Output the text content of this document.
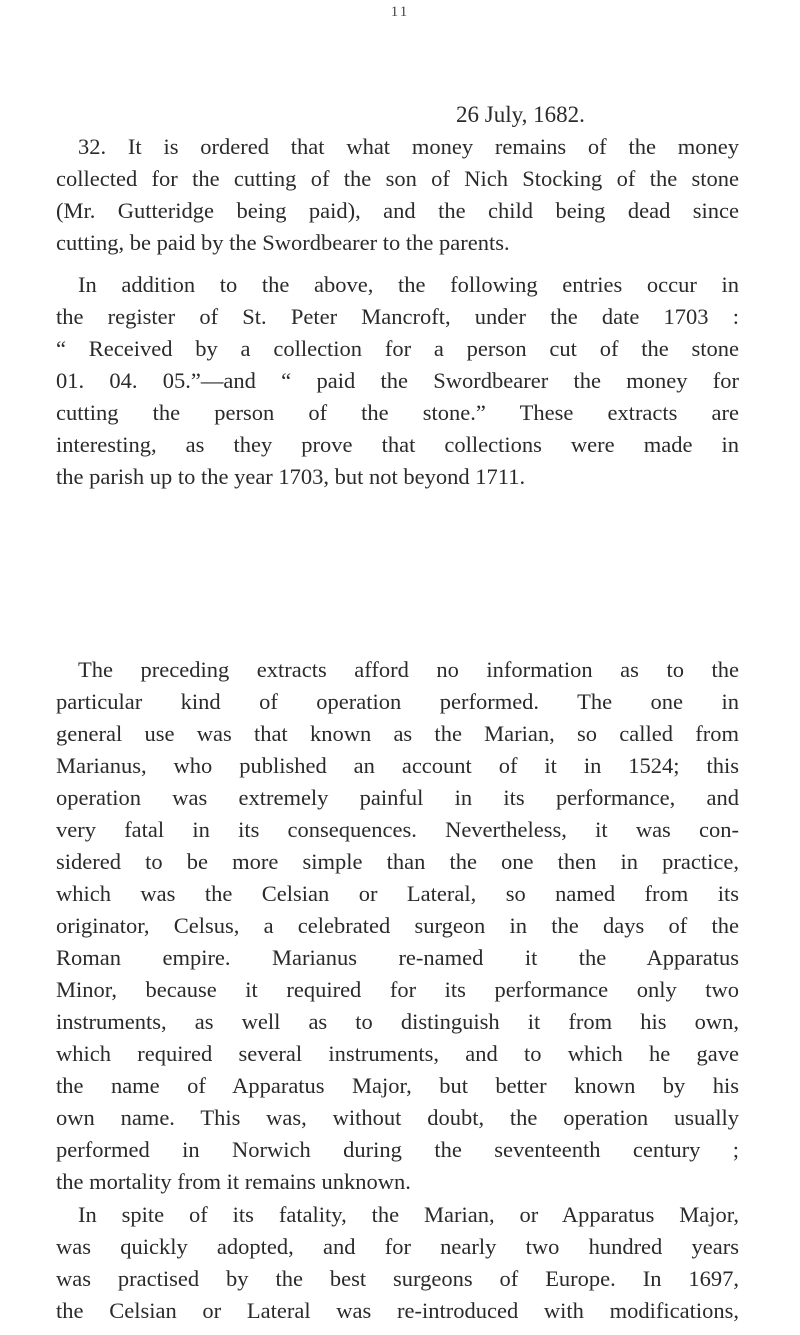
11
26 July, 1682.

32. It is ordered that what money remains of the money
collected for the cutting of the son of Nich Stocking of the stone
(Mr. Gutteridge being paid), and the child being dead since
cutting, be paid by the Swordbearer to the parents.

In addition to the above, the following entries occur in
the register of St. Peter Mancroft, under the date 1703 :
“ Received by a collection for a person cut of the stone
01. 04. 05.”—and “ paid the Swordbearer the money for
cutting the person of the stone.” These extracts are
interesting, as they prove that collections were made in
the parish up to the year 1703, but not beyond 1711.

The preceding extracts afford no information as to the
particular kind of operation performed. The one in
general use was that known as the Marian, so called from
Marianus, who published an account of it in 1524; this
operation was extremely painful in its performance, and
very fatal in its consequences. Nevertheless, it was con-
sidered to be more simple than the one then in practice,
which was the Celsian or Lateral, so named from its
originator, Celsus, a celebrated surgeon in the days of the
Roman empire. Marianus re-named it the Apparatus
Minor, because it required for its performance only two
instruments, as well as to distinguish it from his own,
which required several instruments, and to which he gave
the name of Apparatus Major, but better known by his
own name. This was, without doubt, the operation usually
performed in Norwich during the seventeenth century ;
the mortality from it remains unknown.

In spite of its fatality, the Marian, or Apparatus Major,
was quickly adopted, and for nearly two hundred years
was practised by the best surgeons of Europe. In 1697,
the Celsian or Lateral was re-introduced with modifications,
